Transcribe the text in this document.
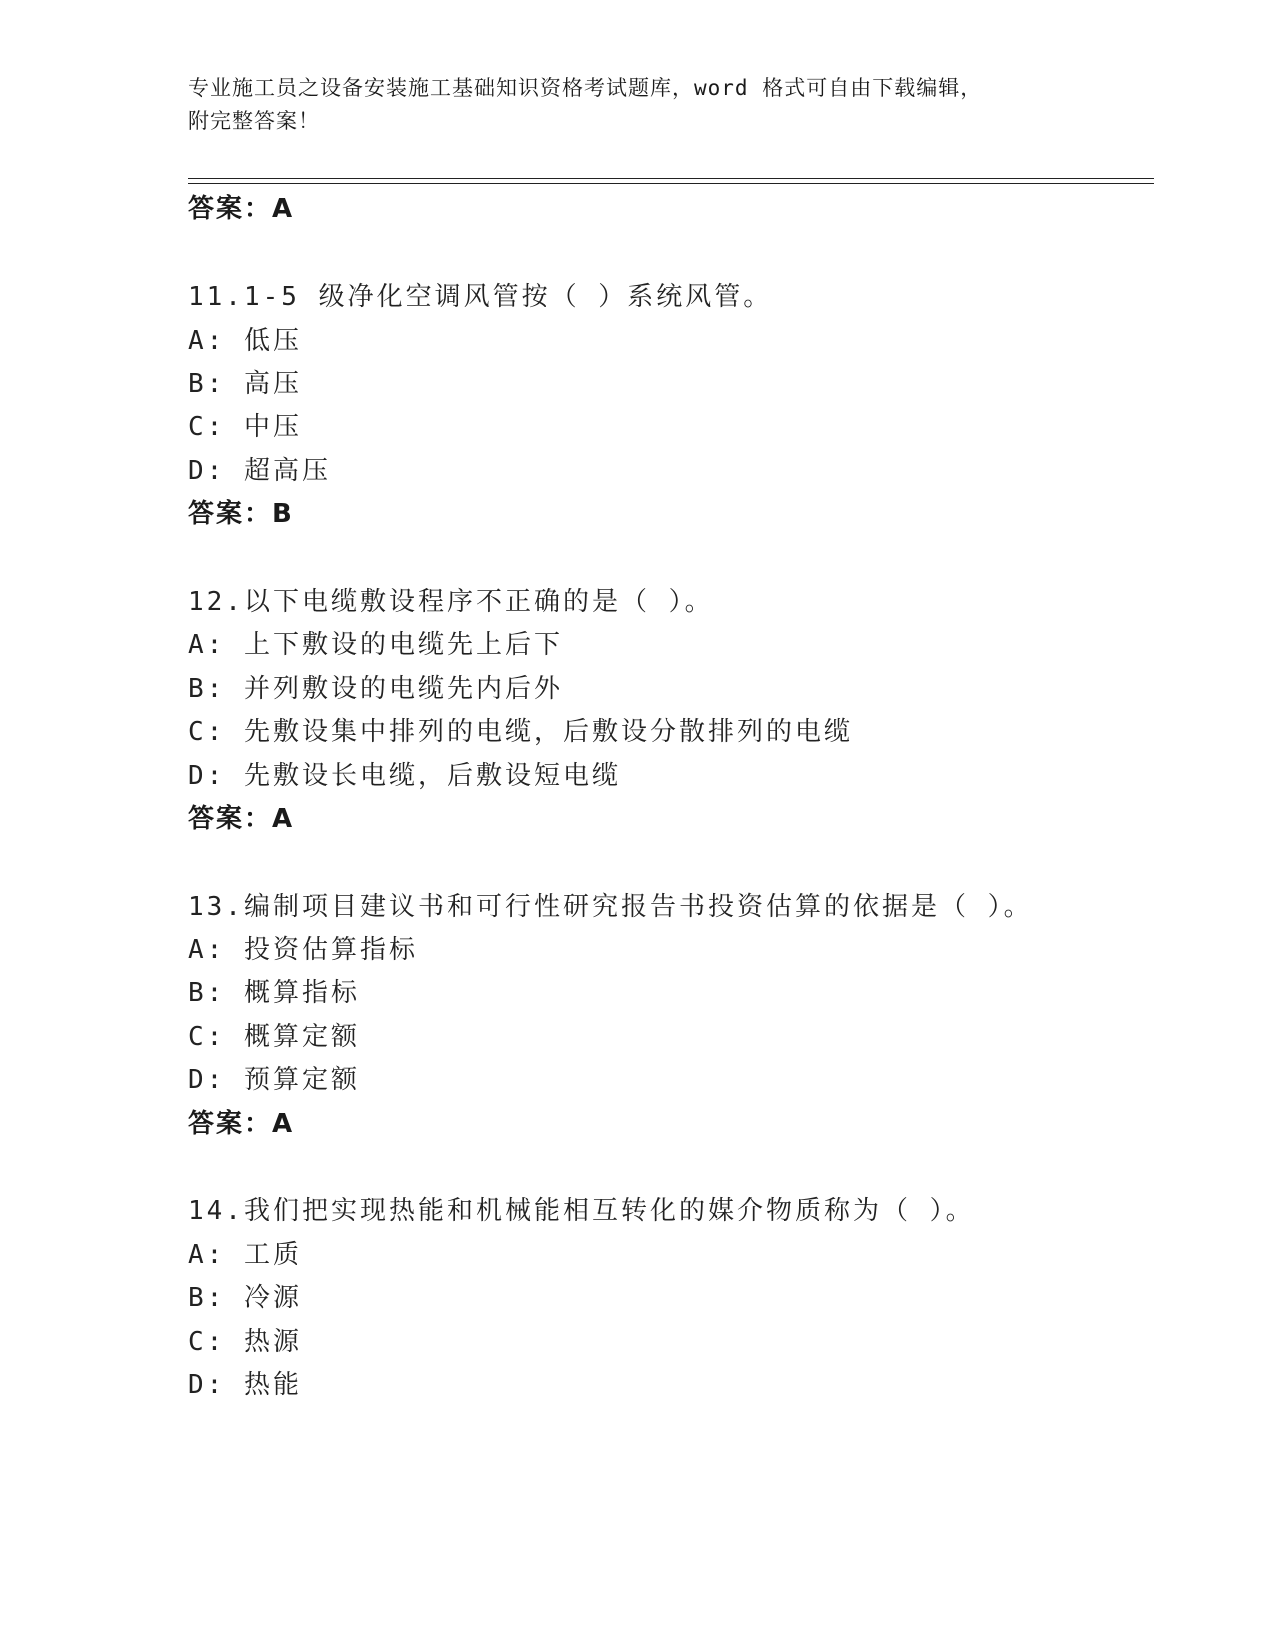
专业施工员之设备安装施工基础知识资格考试题库，word 格式可自由下载编辑，
附完整答案！
答案：A
11.1-5 级净化空调风管按（ ）系统风管。
A: 低压
B: 高压
C: 中压
D: 超高压
答案：B
12.以下电缆敷设程序不正确的是（ ）。
A: 上下敷设的电缆先上后下
B: 并列敷设的电缆先内后外
C: 先敷设集中排列的电缆，后敷设分散排列的电缆
D: 先敷设长电缆，后敷设短电缆
答案：A
13.编制项目建议书和可行性研究报告书投资估算的依据是（ ）。
A: 投资估算指标
B: 概算指标
C: 概算定额
D: 预算定额
答案：A
14.我们把实现热能和机械能相互转化的媒介物质称为（ ）。
A: 工质
B: 冷源
C: 热源
D: 热能
